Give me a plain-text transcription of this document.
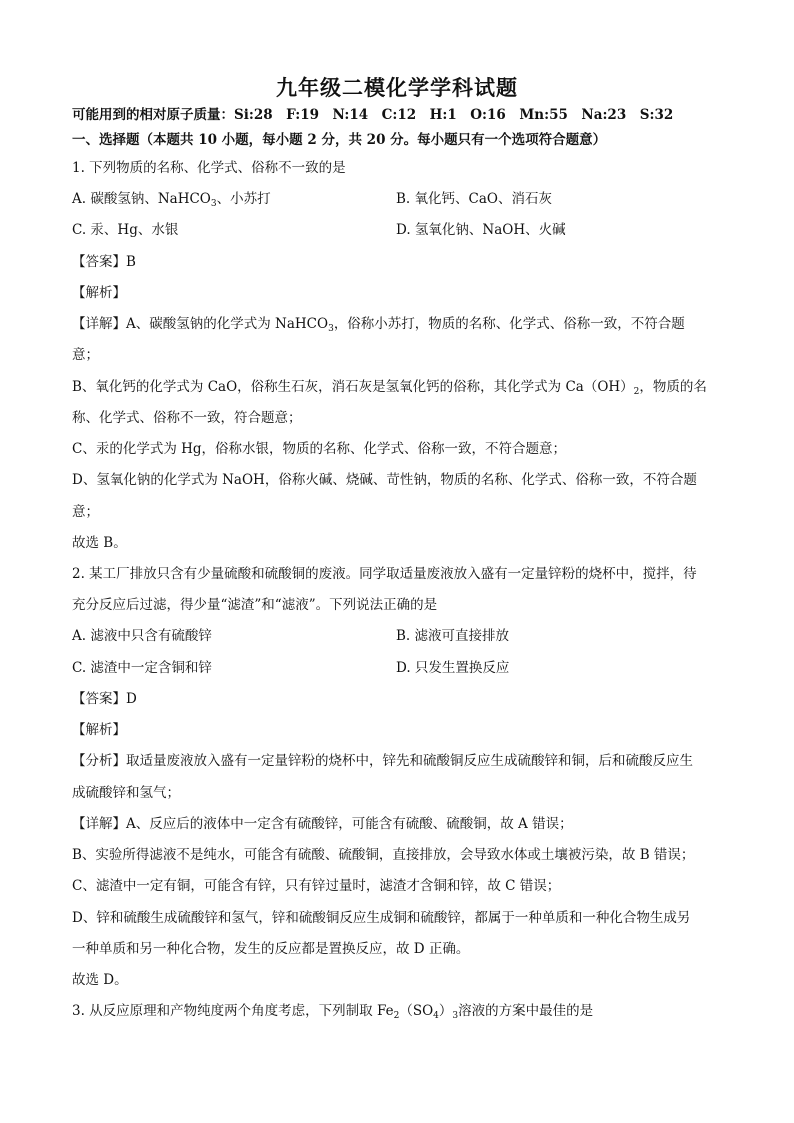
九年级二模化学学科试题
可能用到的相对原子质量：Si:28　F:19　N:14　C:12　H:1　O:16　Mn:55　Na:23　S:32
一、选择题（本题共 10 小题，每小题 2 分，共 20 分。每小题只有一个选项符合题意）
1. 下列物质的名称、化学式、俗称不一致的是
A. 碳酸氢钠、NaHCO$_3$、小苏打	B. 氧化钙、CaO、消石灰
C. 汞、Hg、水银	D. 氢氧化钠、NaOH、火碱
【答案】B
【解析】
【详解】A、碳酸氢钠的化学式为 NaHCO$_3$，俗称小苏打，物质的名称、化学式、俗称一致，不符合题
意；
B、氧化钙的化学式为 CaO，俗称生石灰，消石灰是氢氧化钙的俗称，其化学式为 $Ca(OH)_2$，物质的名
称、化学式、俗称不一致，符合题意；
C、汞的化学式为 Hg，俗称水银，物质的名称、化学式、俗称一致，不符合题意；
D、氢氧化钠的化学式为 NaOH，俗称火碱、烧碱、苛性钠，物质的名称、化学式、俗称一致，不符合题
意；
故选 B。
2. 某工厂排放只含有少量硫酸和硫酸铜的废液。同学取适量废液放入盛有一定量锌粉的烧杯中，搅拌，待
充分反应后过滤，得少量“滤渣”和“滤液”。下列说法正确的是
A. 滤液中只含有硫酸锌	B. 滤液可直接排放
C. 滤渣中一定含铜和锌	D. 只发生置换反应
【答案】D
【解析】
【分析】取适量废液放入盛有一定量锌粉的烧杯中，锌先和硫酸铜反应生成硫酸锌和铜，后和硫酸反应生
成硫酸锌和氢气；
【详解】A、反应后的液体中一定含有硫酸锌，可能含有硫酸、硫酸铜，故 A 错误；
B、实验所得滤液不是纯水，可能含有硫酸、硫酸铜，直接排放，会导致水体或土壤被污染，故 B 错误；
C、滤渣中一定有铜，可能含有锌，只有锌过量时，滤渣才含铜和锌，故 C 错误；
D、锌和硫酸生成硫酸锌和氢气，锌和硫酸铜反应生成铜和硫酸锌，都属于一种单质和一种化合物生成另
一种单质和另一种化合物，发生的反应都是置换反应，故 D 正确。
故选 D。
3. 从反应原理和产物纯度两个角度考虑，下列制取 $Fe_2(SO_4)_3$溶液的方案中最佳的是
